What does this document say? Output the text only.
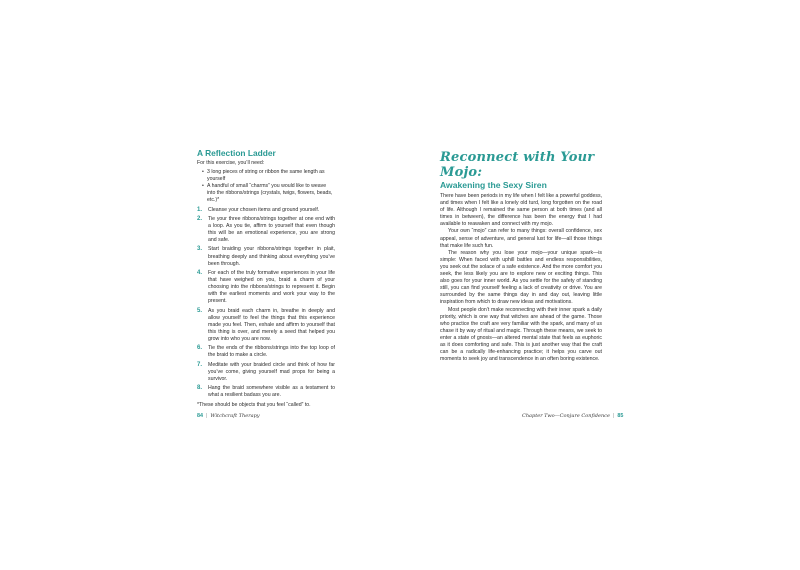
A Reflection Ladder

For this exercise, you’ll need:

• 3 long pieces of string or ribbon the same length as yourself
• A handful of small “charms” you would like to weave into the ribbons/strings (crystals, twigs, flowers, beads, etc.)*
1. Cleanse your chosen items and ground yourself.
2. Tie your three ribbons/strings together at one end with a loop. As you tie, affirm to yourself that even though this will be an emotional experience, you are strong and safe.
3. Start braiding your ribbons/strings together in plait, breathing deeply and thinking about everything you’ve been through.
4. For each of the truly formative experiences in your life that have weighed on you, braid a charm of your choosing into the ribbons/strings to represent it. Begin with the earliest moments and work your way to the present.
5. As you braid each charm in, breathe in deeply and allow yourself to feel the things that this experience made you feel. Then, exhale and affirm to yourself that this thing is over, and merely a seed that helped you grow into who you are now.
6. Tie the ends of the ribbons/strings into the top loop of the braid to make a circle.
7. Meditate with your braided circle and think of how far you’ve come, giving yourself mad props for being a survivor.
8. Hang the braid somewhere visible as a testament to what a resilient badass you are.

*These should be objects that you feel “called” to.

84 | Witchcraft Therapy
Reconnect with Your Mojo:
Awakening the Sexy Siren

There have been periods in my life when I felt like a powerful goddess, and times when I felt like a lonely old turd, long forgotten on the road of life. Although I remained the same person at both times (and all times in between), the difference has been the energy that I had available to reawaken and connect with my mojo.

Your own “mojo” can refer to many things: overall confidence, sex appeal, sense of adventure, and general lust for life—all those things that make life such fun.

The reason why you lose your mojo—your unique spark—is simple: When faced with uphill battles and endless responsibilities, you seek out the solace of a safe existence. And the more comfort you seek, the less likely you are to explore new or exciting things. This also goes for your inner world. As you settle for the safety of standing still, you can find yourself feeling a lack of creativity or drive. You are surrounded by the same things day in and day out, leaving little inspiration from which to draw new ideas and motivations.

Most people don’t make reconnecting with their inner spark a daily priority, which is one way that witches are ahead of the game. Those who practice the craft are very familiar with the spark, and many of us chase it by way of ritual and magic. Through these means, we seek to enter a state of gnosis—an altered mental state that feels as euphoric as it does comforting and safe. This is just another way that the craft can be a radically life-enhancing practice; it helps you carve out moments to seek joy and transcendence in an often boring existence.

Chapter Two—Conjure Confidence | 85
